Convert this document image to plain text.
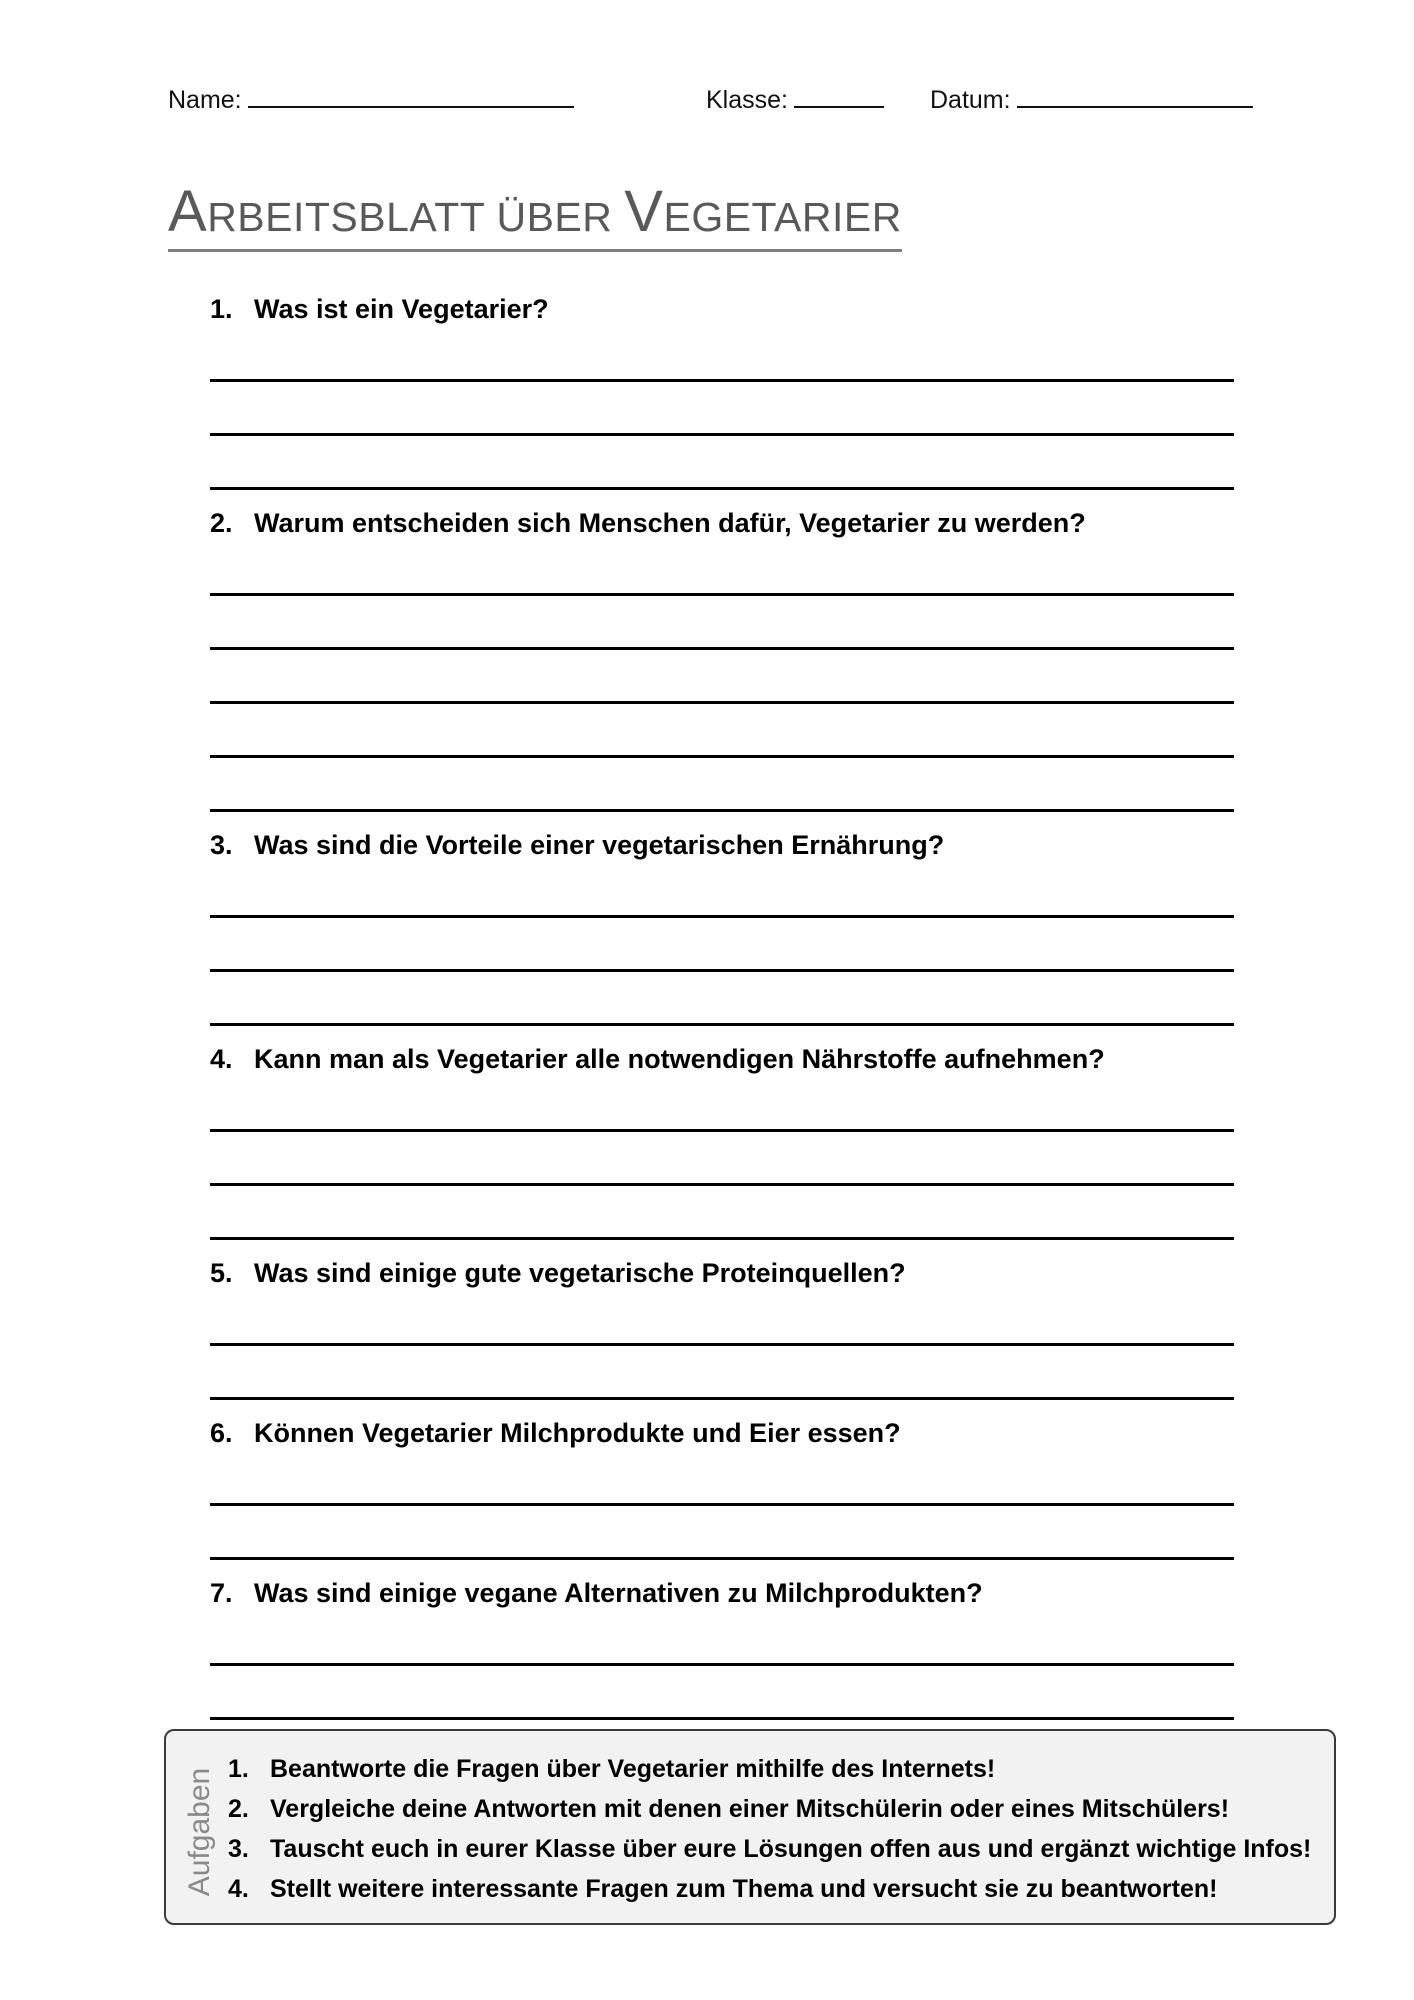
Name:	Klasse:	Datum:
ARBEITSBLATT ÜBER VEGETARIER
1. Was ist ein Vegetarier?
2. Warum entscheiden sich Menschen dafür, Vegetarier zu werden?
3. Was sind die Vorteile einer vegetarischen Ernährung?
4. Kann man als Vegetarier alle notwendigen Nährstoffe aufnehmen?
5. Was sind einige gute vegetarische Proteinquellen?
6. Können Vegetarier Milchprodukte und Eier essen?
7. Was sind einige vegane Alternativen zu Milchprodukten?
Aufgaben 1. Beantworte die Fragen über Vegetarier mithilfe des Internets!
2. Vergleiche deine Antworten mit denen einer Mitschülerin oder eines Mitschülers!
3. Tauscht euch in eurer Klasse über eure Lösungen offen aus und ergänzt wichtige Infos!
4. Stellt weitere interessante Fragen zum Thema und versucht sie zu beantworten!
